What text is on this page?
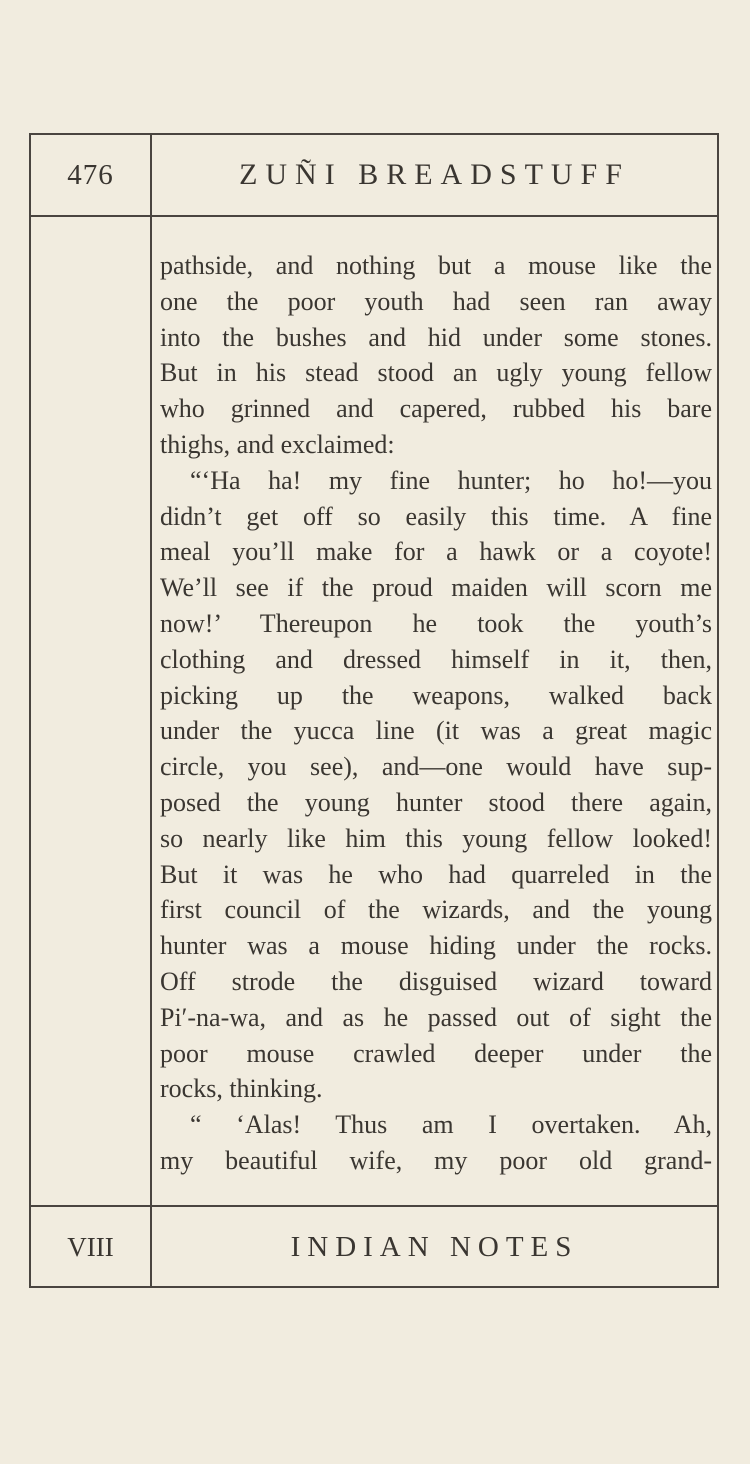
476	ZUÑI BREADSTUFF
pathside, and nothing but a mouse like the
one the poor youth had seen ran away
into the bushes and hid under some stones.
But in his stead stood an ugly young fellow
who grinned and capered, rubbed his bare
thighs, and exclaimed:
“‘Ha ha! my fine hunter; ho ho!—you
didn’t get off so easily this time. A fine
meal you’ll make for a hawk or a coyote!
We’ll see if the proud maiden will scorn me
now!’ Thereupon he took the youth’s
clothing and dressed himself in it, then,
picking up the weapons, walked back
under the yucca line (it was a great magic
circle, you see), and—one would have sup-
posed the young hunter stood there again,
so nearly like him this young fellow looked!
But it was he who had quarreled in the
first council of the wizards, and the young
hunter was a mouse hiding under the rocks.
Off strode the disguised wizard toward
Pi′-na-wa, and as he passed out of sight the
poor mouse crawled deeper under the
rocks, thinking.
“ ‘Alas! Thus am I overtaken. Ah,
my beautiful wife, my poor old grand-
VIII	INDIAN NOTES
